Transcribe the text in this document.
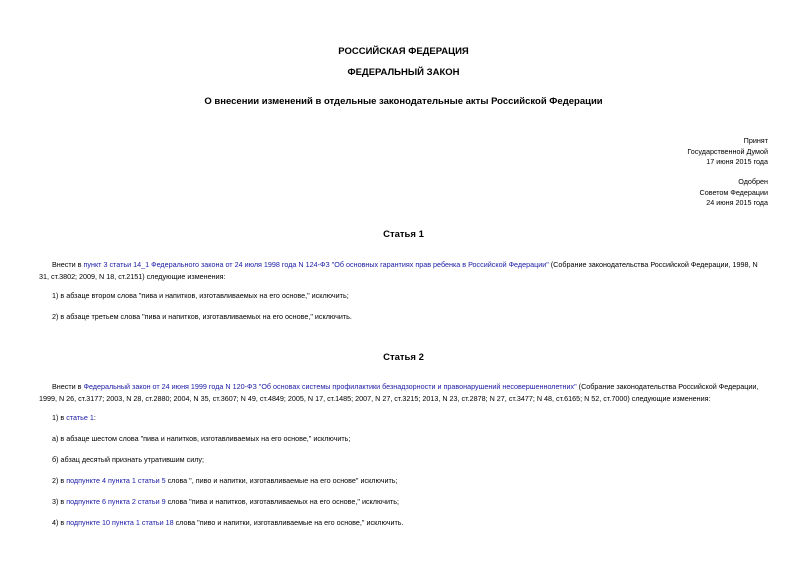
РОССИЙСКАЯ ФЕДЕРАЦИЯ
ФЕДЕРАЛЬНЫЙ ЗАКОН
О внесении изменений в отдельные законодательные акты Российской Федерации
Принят
Государственной Думой
17 июня 2015 года
Одобрен
Советом Федерации
24 июня 2015 года
Статья 1
Внести в пункт 3 статьи 14_1 Федерального закона от 24 июля 1998 года N 124-ФЗ "Об основных гарантиях прав ребенка в Российской Федерации" (Собрание законодательства Российской Федерации, 1998, N 31, ст.3802; 2009, N 18, ст.2151) следующие изменения:
1) в абзаце втором слова "пива и напитков, изготавливаемых на его основе," исключить;
2) в абзаце третьем слова "пива и напитков, изготавливаемых на его основе," исключить.
Статья 2
Внести в Федеральный закон от 24 июня 1999 года N 120-ФЗ "Об основах системы профилактики безнадзорности и правонарушений несовершеннолетних" (Собрание законодательства Российской Федерации, 1999, N 26, ст.3177; 2003, N 28, ст.2880; 2004, N 35, ст.3607; N 49, ст.4849; 2005, N 17, ст.1485; 2007, N 27, ст.3215; 2013, N 23, ст.2878; N 27, ст.3477; N 48, ст.6165; N 52, ст.7000) следующие изменения:
1) в статье 1:
а) в абзаце шестом слова "пива и напитков, изготавливаемых на его основе," исключить;
б) абзац десятый признать утратившим силу;
2) в подпункте 4 пункта 1 статьи 5 слова ", пиво и напитки, изготавливаемые на его основе" исключить;
3) в подпункте 6 пункта 2 статьи 9 слова "пива и напитков, изготавливаемых на его основе," исключить;
4) в подпункте 10 пункта 1 статьи 18 слова "пиво и напитки, изготавливаемые на его основе," исключить.
